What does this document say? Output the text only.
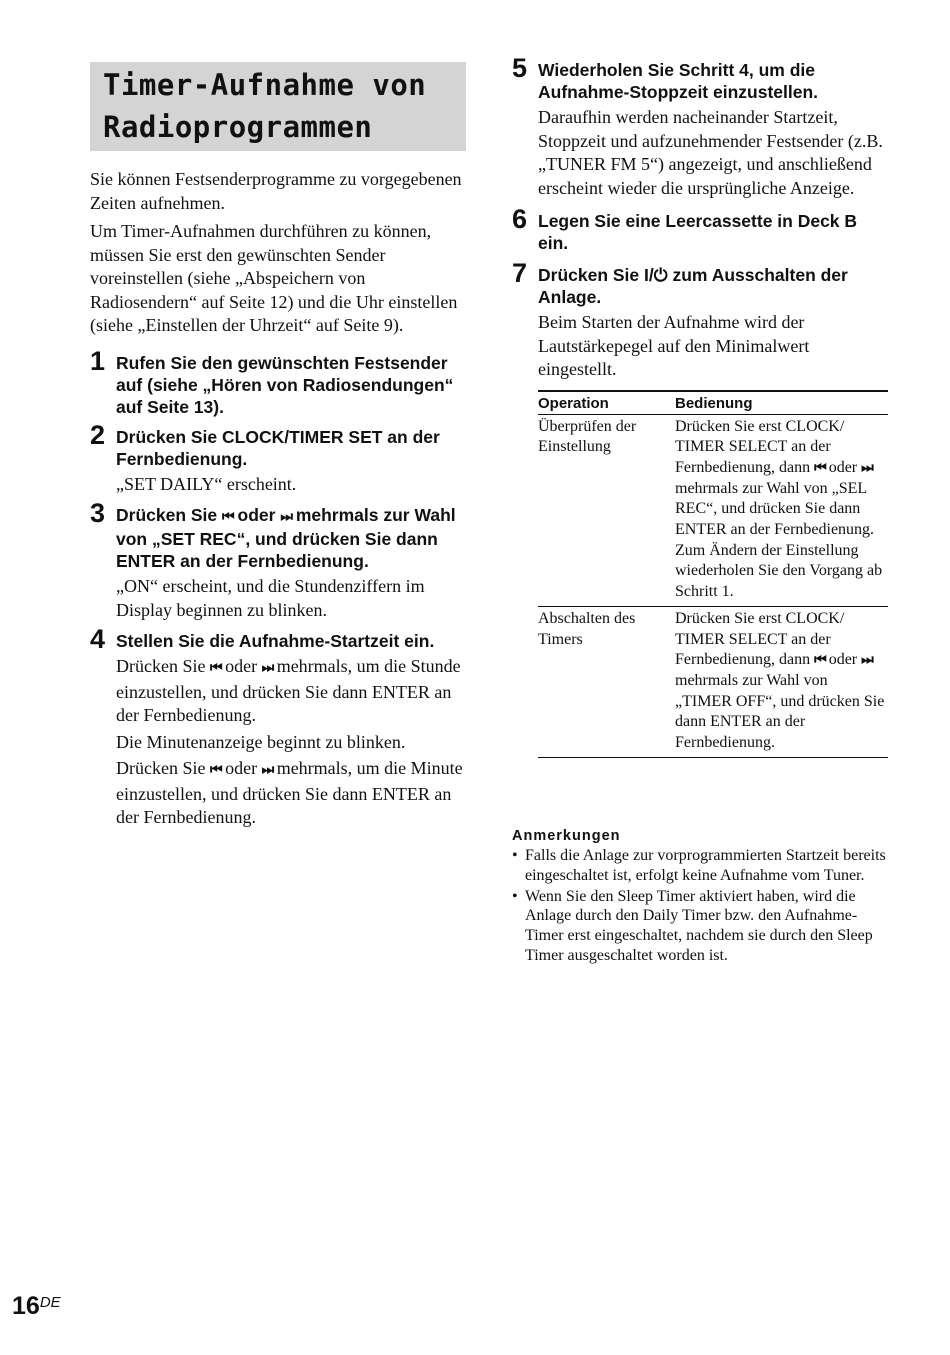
Timer-Aufnahme von
Radioprogrammen

Sie können Festsenderprogramme zu vorgegebenen Zeiten aufnehmen.

Um Timer-Aufnahmen durchführen zu können, müssen Sie erst den gewünschten Sender voreinstellen (siehe „Abspeichern von Radiosendern“ auf Seite 12) und die Uhr einstellen (siehe „Einstellen der Uhrzeit“ auf Seite 9).

1 Rufen Sie den gewünschten Festsender auf (siehe „Hören von Radiosendungen“ auf Seite 13).

2 Drücken Sie CLOCK/TIMER SET an der Fernbedienung.

„SET DAILY“ erscheint.

3 Drücken Sie ⏮ oder ⏭ mehrmals zur Wahl von „SET REC“, und drücken Sie dann ENTER an der Fernbedienung.

„ON“ erscheint, und die Stundenziffern im Display beginnen zu blinken.

4 Stellen Sie die Aufnahme-Startzeit ein.

Drücken Sie ⏮ oder ⏭ mehrmals, um die Stunde einzustellen, und drücken Sie dann ENTER an der Fernbedienung.

Die Minutenanzeige beginnt zu blinken.

Drücken Sie ⏮ oder ⏭ mehrmals, um die Minute einzustellen, und drücken Sie dann ENTER an der Fernbedienung.

5 Wiederholen Sie Schritt 4, um die Aufnahme-Stoppzeit einzustellen.

Daraufhin werden nacheinander Startzeit, Stoppzeit und aufzunehmender Festsender (z.B. „TUNER FM 5“) angezeigt, und anschließend erscheint wieder die ursprüngliche Anzeige.

6 Legen Sie eine Leercassette in Deck B ein.

7 Drücken Sie I/⏻ zum Ausschalten der Anlage.

Beim Starten der Aufnahme wird der Lautstärkepegel auf den Minimalwert eingestellt.

Operation	Bedienung
Überprüfen der Einstellung	Drücken Sie erst CLOCK/ TIMER SELECT an der Fernbedienung, dann ⏮ oder ⏭ mehrmals zur Wahl von „SEL REC“, und drücken Sie dann ENTER an der Fernbedienung. Zum Ändern der Einstellung wiederholen Sie den Vorgang ab Schritt 1.
Abschalten des Timers	Drücken Sie erst CLOCK/ TIMER SELECT an der Fernbedienung, dann ⏮ oder ⏭ mehrmals zur Wahl von „TIMER OFF“, und drücken Sie dann ENTER an der Fernbedienung.

Anmerkungen

• Falls die Anlage zur vorprogrammierten Startzeit bereits eingeschaltet ist, erfolgt keine Aufnahme vom Tuner.
• Wenn Sie den Sleep Timer aktiviert haben, wird die Anlage durch den Daily Timer bzw. den Aufnahme-Timer erst eingeschaltet, nachdem sie durch den Sleep Timer ausgeschaltet worden ist.
16DE
